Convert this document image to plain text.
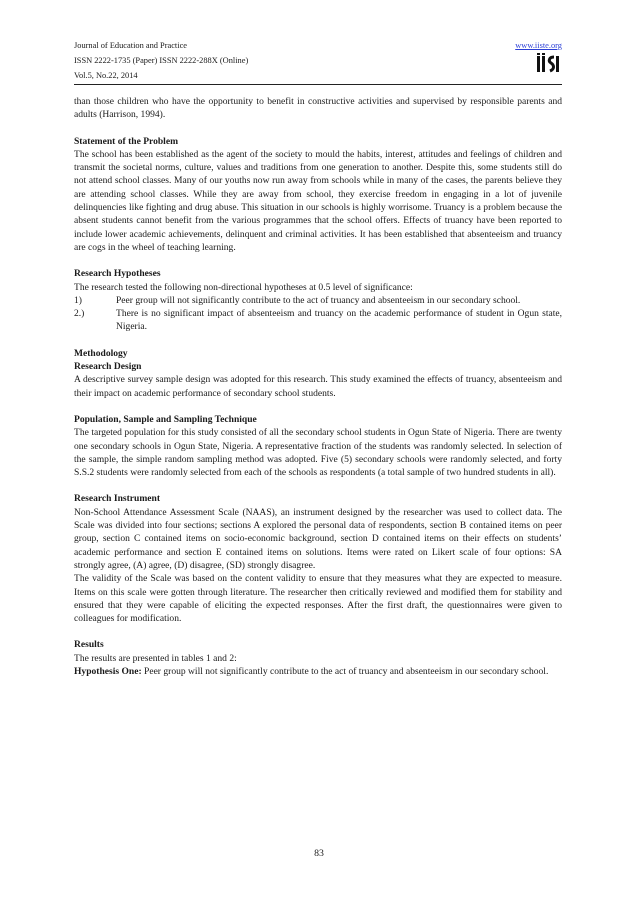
Journal of Education and Practice
ISSN 2222-1735 (Paper) ISSN 2222-288X (Online)
Vol.5, No.22, 2014
www.iiste.org

than those children who have the opportunity to benefit in constructive activities and supervised by responsible parents and adults (Harrison, 1994).

Statement of the Problem

The school has been established as the agent of the society to mould the habits, interest, attitudes and feelings of children and transmit the societal norms, culture, values and traditions from one generation to another. Despite this, some students still do not attend school classes. Many of our youths now run away from schools while in many of the cases, the parents believe they are attending school classes. While they are away from school, they exercise freedom in engaging in a lot of juvenile delinquencies like fighting and drug abuse. This situation in our schools is highly worrisome. Truancy is a problem because the absent students cannot benefit from the various programmes that the school offers. Effects of truancy have been reported to include lower academic achievements, delinquent and criminal activities. It has been established that absenteeism and truancy are cogs in the wheel of teaching learning.

Research Hypotheses

The research tested the following non-directional hypotheses at 0.5 level of significance:

1)	Peer group will not significantly contribute to the act of truancy and absenteeism in our secondary school.
2.)	There is no significant impact of absenteeism and truancy on the academic performance of student in Ogun state, Nigeria.

Methodology

Research Design

A descriptive survey sample design was adopted for this research. This study examined the effects of truancy, absenteeism and their impact on academic performance of secondary school students.

Population, Sample and Sampling Technique

The targeted population for this study consisted of all the secondary school students in Ogun State of Nigeria. There are twenty one secondary schools in Ogun State, Nigeria. A representative fraction of the students was randomly selected. In selection of the sample, the simple random sampling method was adopted. Five (5) secondary schools were randomly selected, and forty S.S.2 students were randomly selected from each of the schools as respondents (a total sample of two hundred students in all).

Research Instrument

Non-School Attendance Assessment Scale (NAAS), an instrument designed by the researcher was used to collect data. The Scale was divided into four sections; sections A explored the personal data of respondents, section B contained items on peer group, section C contained items on socio-economic background, section D contained items on their effects on students’ academic performance and section E contained items on solutions. Items were rated on Likert scale of four options: SA strongly agree, (A) agree, (D) disagree, (SD) strongly disagree.

The validity of the Scale was based on the content validity to ensure that they measures what they are expected to measure. Items on this scale were gotten through literature. The researcher then critically reviewed and modified them for stability and ensured that they were capable of eliciting the expected responses. After the first draft, the questionnaires were given to colleagues for modification.

Results

The results are presented in tables 1 and 2:

Hypothesis One: Peer group will not significantly contribute to the act of truancy and absenteeism in our secondary school.

83
